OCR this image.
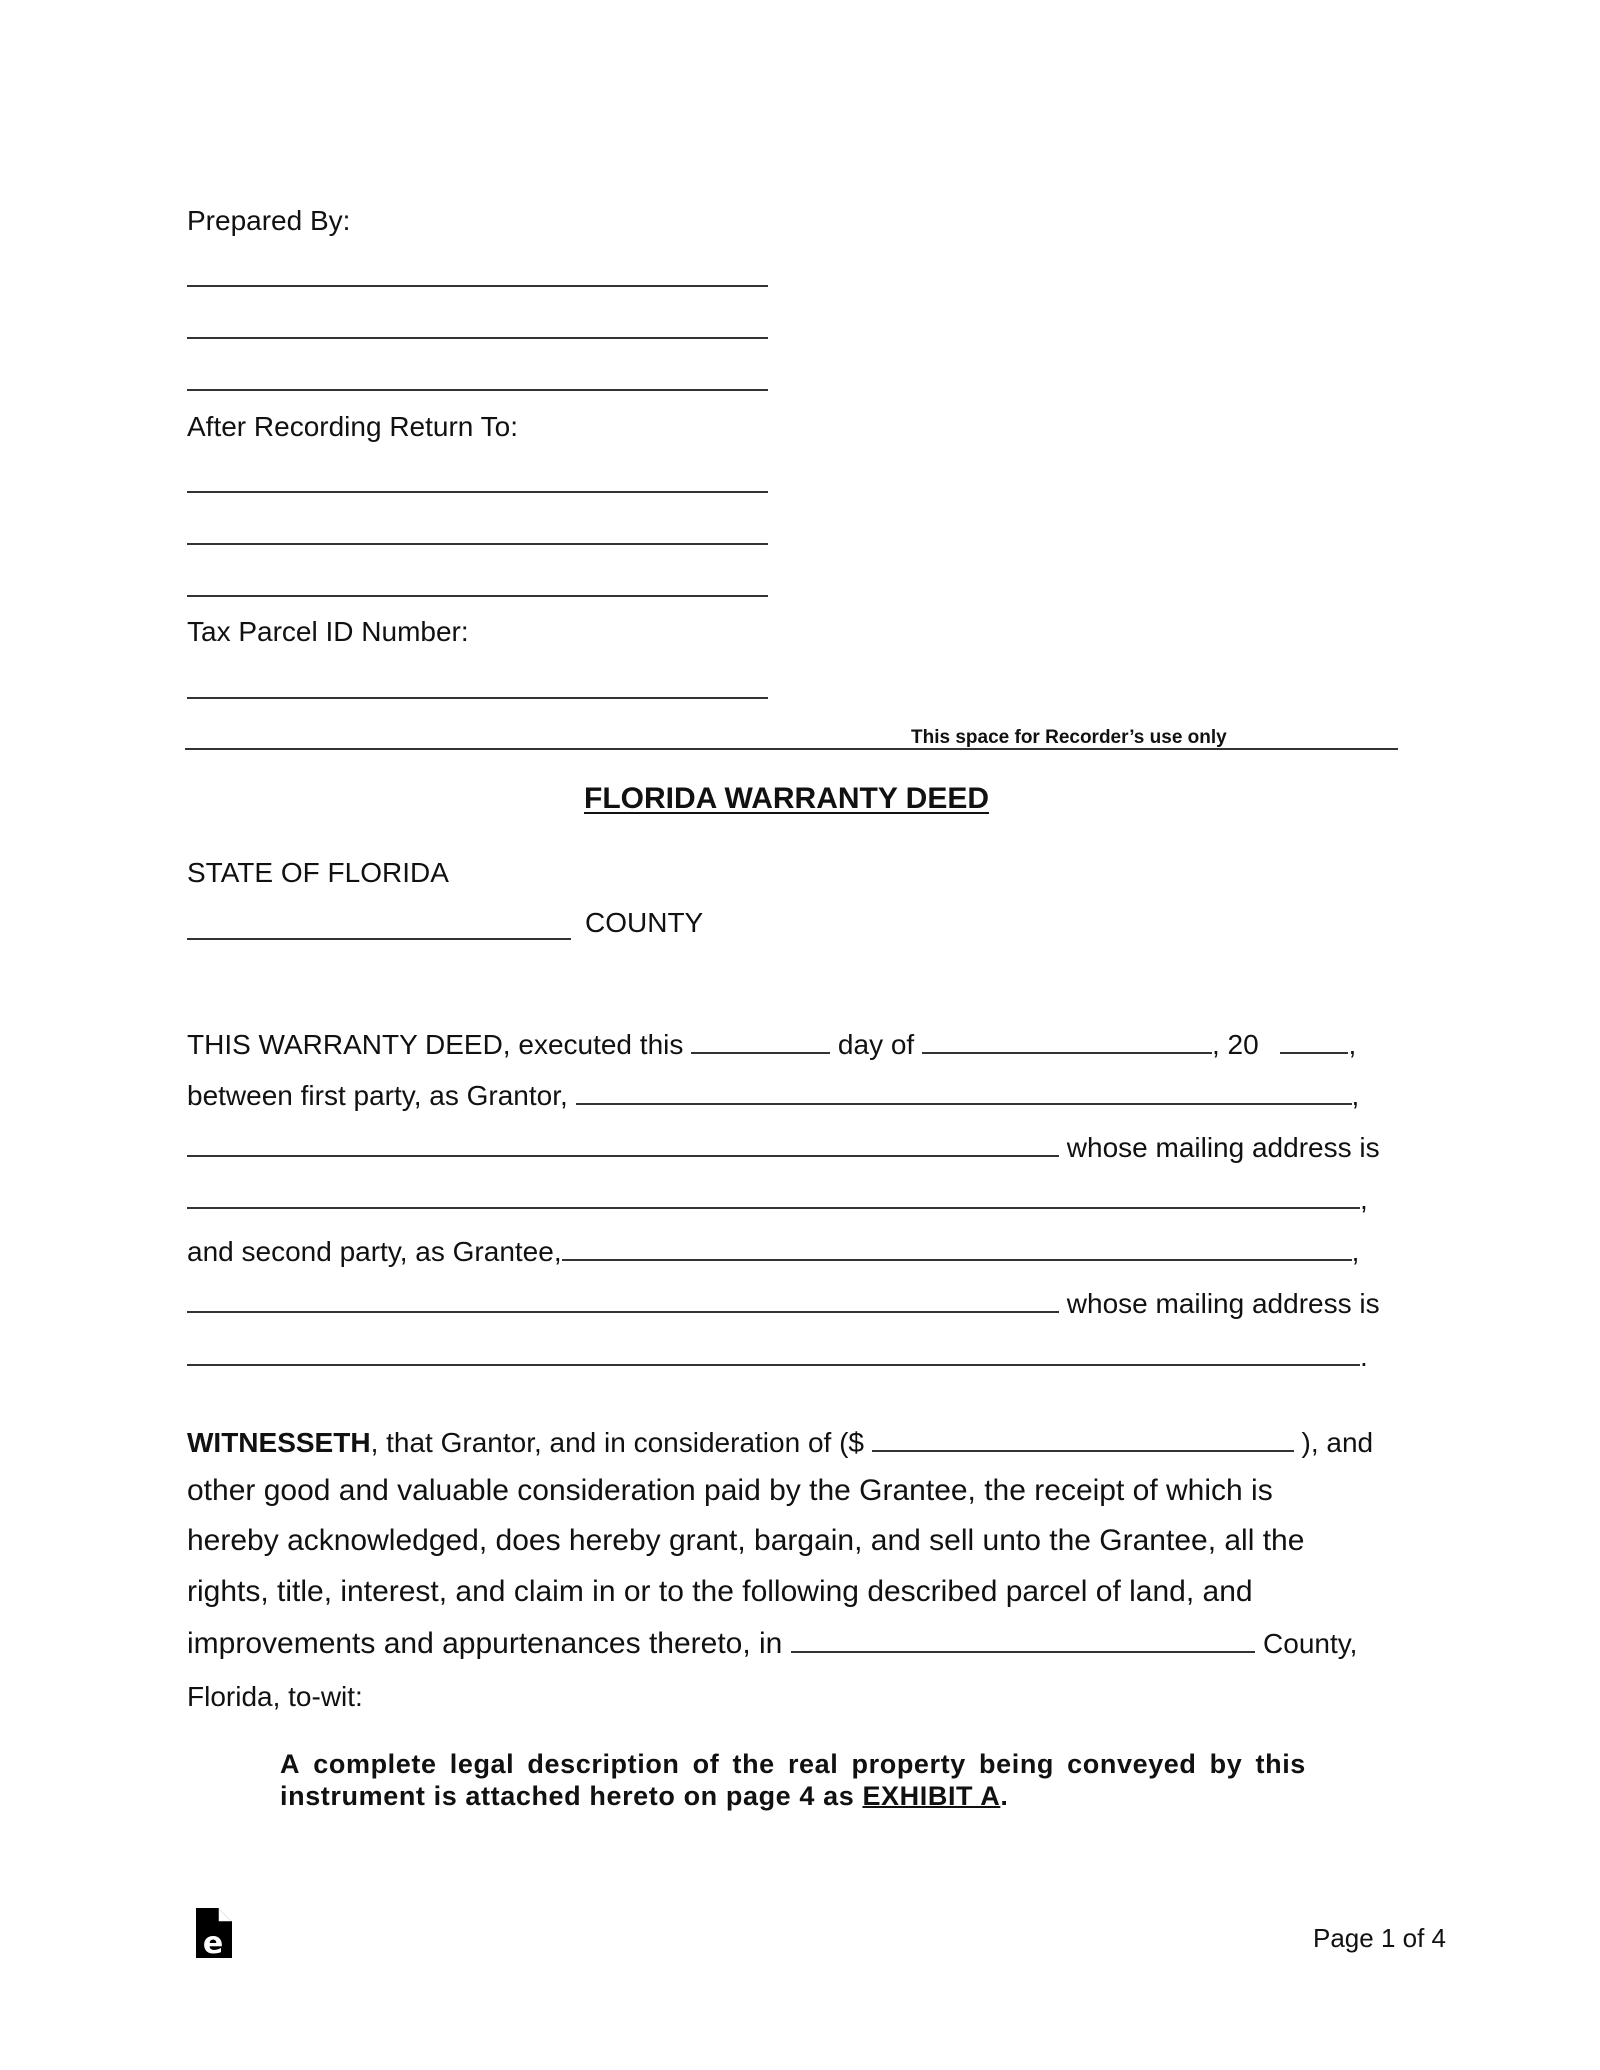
Prepared By:
After Recording Return To:
Tax Parcel ID Number:
This space for Recorder’s use only
FLORIDA WARRANTY DEED
STATE OF FLORIDA
COUNTY
THIS WARRANTY DEED, executed this	day of	, 20	,
between first party, as Grantor,	,
whose mailing address is
,
and second party, as Grantee,	,
whose mailing address is
.
WITNESSETH, that Grantor, and in consideration of ($	), and
other good and valuable consideration paid by the Grantee, the receipt of which is
hereby acknowledged, does hereby grant, bargain, and sell unto the Grantee, all the
rights, title, interest, and claim in or to the following described parcel of land, and
improvements and appurtenances thereto, in	County,
Florida, to-wit:
A complete legal description of the real property being conveyed by this
instrument is attached hereto on page 4 as EXHIBIT A.
e	Page 1 of 4
